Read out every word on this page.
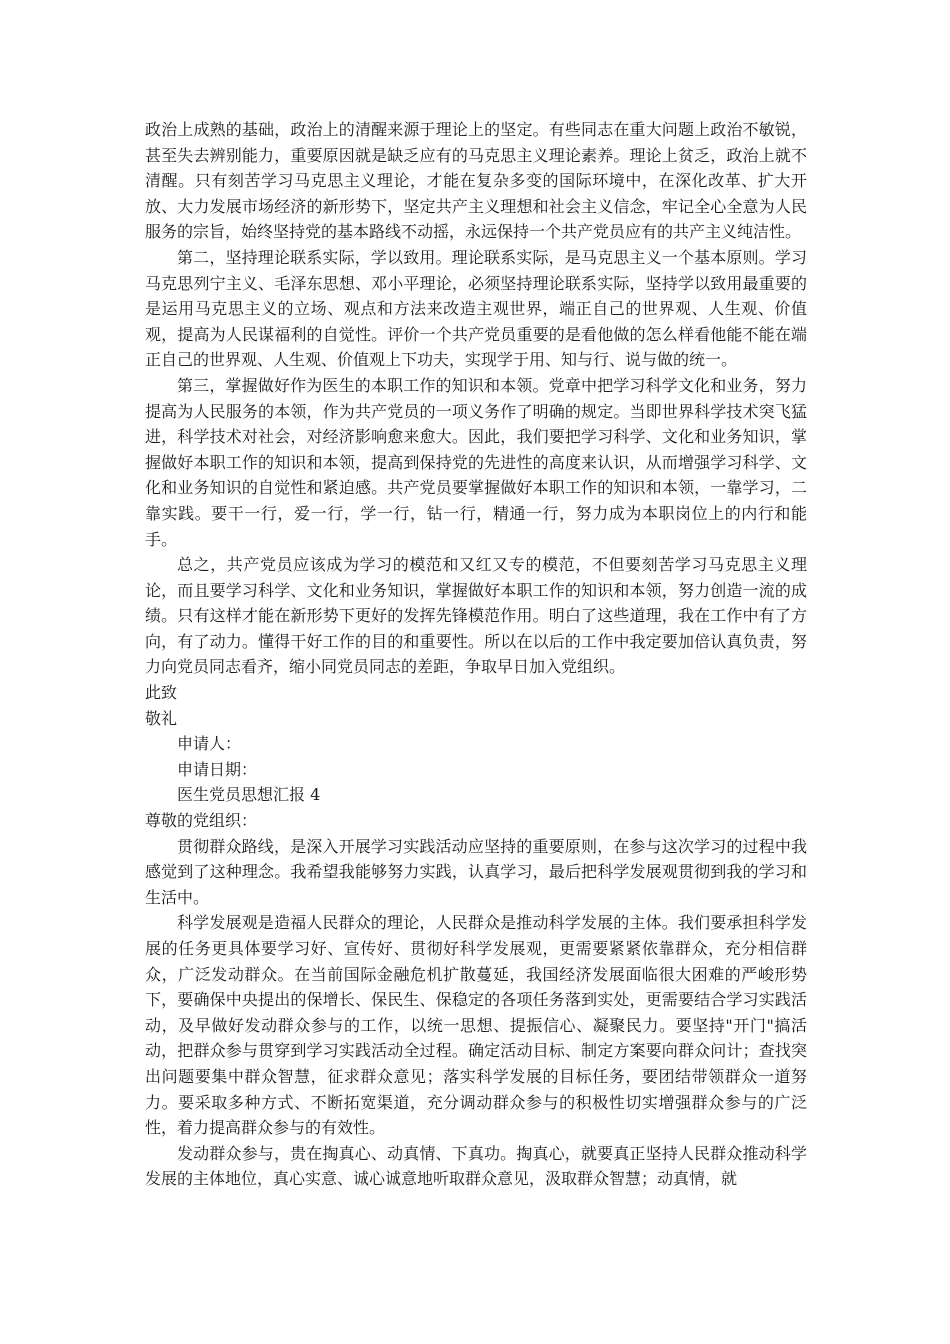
政治上成熟的基础，政治上的清醒来源于理论上的坚定。有些同志在重大问题上政治不敏锐，甚至失去辨别能力，重要原因就是缺乏应有的马克思主义理论素养。理论上贫乏，政治上就不清醒。只有刻苦学习马克思主义理论，才能在复杂多变的国际环境中，在深化改革、扩大开放、大力发展市场经济的新形势下，坚定共产主义理想和社会主义信念，牢记全心全意为人民服务的宗旨，始终坚持党的基本路线不动摇，永远保持一个共产党员应有的共产主义纯洁性。

第二，坚持理论联系实际，学以致用。理论联系实际，是马克思主义一个基本原则。学习马克思列宁主义、毛泽东思想、邓小平理论，必须坚持理论联系实际，坚持学以致用最重要的是运用马克思主义的立场、观点和方法来改造主观世界，端正自己的世界观、人生观、价值观，提高为人民谋福利的自觉性。评价一个共产党员重要的是看他做的怎么样看他能不能在端正自己的世界观、人生观、价值观上下功夫，实现学于用、知与行、说与做的统一。

第三，掌握做好作为医生的本职工作的知识和本领。党章中把学习科学文化和业务，努力提高为人民服务的本领，作为共产党员的一项义务作了明确的规定。当即世界科学技术突飞猛进，科学技术对社会，对经济影响愈来愈大。因此，我们要把学习科学、文化和业务知识，掌握做好本职工作的知识和本领，提高到保持党的先进性的高度来认识，从而增强学习科学、文化和业务知识的自觉性和紧迫感。共产党员要掌握做好本职工作的知识和本领，一靠学习，二靠实践。要干一行，爱一行，学一行，钻一行，精通一行，努力成为本职岗位上的内行和能手。

总之，共产党员应该成为学习的模范和又红又专的模范，不但要刻苦学习马克思主义理论，而且要学习科学、文化和业务知识，掌握做好本职工作的知识和本领，努力创造一流的成绩。只有这样才能在新形势下更好的发挥先锋模范作用。明白了这些道理，我在工作中有了方向，有了动力。懂得干好工作的目的和重要性。所以在以后的工作中我定要加倍认真负责，努力向党员同志看齐，缩小同党员同志的差距，争取早日加入党组织。

此致

敬礼

申请人：

申请日期：

医生党员思想汇报 4

尊敬的党组织：

贯彻群众路线，是深入开展学习实践活动应坚持的重要原则，在参与这次学习的过程中我感觉到了这种理念。我希望我能够努力实践，认真学习，最后把科学发展观贯彻到我的学习和生活中。

科学发展观是造福人民群众的理论，人民群众是推动科学发展的主体。我们要承担科学发展的任务更具体要学习好、宣传好、贯彻好科学发展观，更需要紧紧依靠群众，充分相信群众，广泛发动群众。在当前国际金融危机扩散蔓延，我国经济发展面临很大困难的严峻形势下，要确保中央提出的保增长、保民生、保稳定的各项任务落到实处，更需要结合学习实践活动，及早做好发动群众参与的工作，以统一思想、提振信心、凝聚民力。要坚持"开门"搞活动，把群众参与贯穿到学习实践活动全过程。确定活动目标、制定方案要向群众问计；查找突出问题要集中群众智慧，征求群众意见；落实科学发展的目标任务，要团结带领群众一道努力。要采取多种方式、不断拓宽渠道，充分调动群众参与的积极性切实增强群众参与的广泛性，着力提高群众参与的有效性。

发动群众参与，贵在掏真心、动真情、下真功。掏真心，就要真正坚持人民群众推动科学发展的主体地位，真心实意、诚心诚意地听取群众意见，汲取群众智慧；动真情，就
